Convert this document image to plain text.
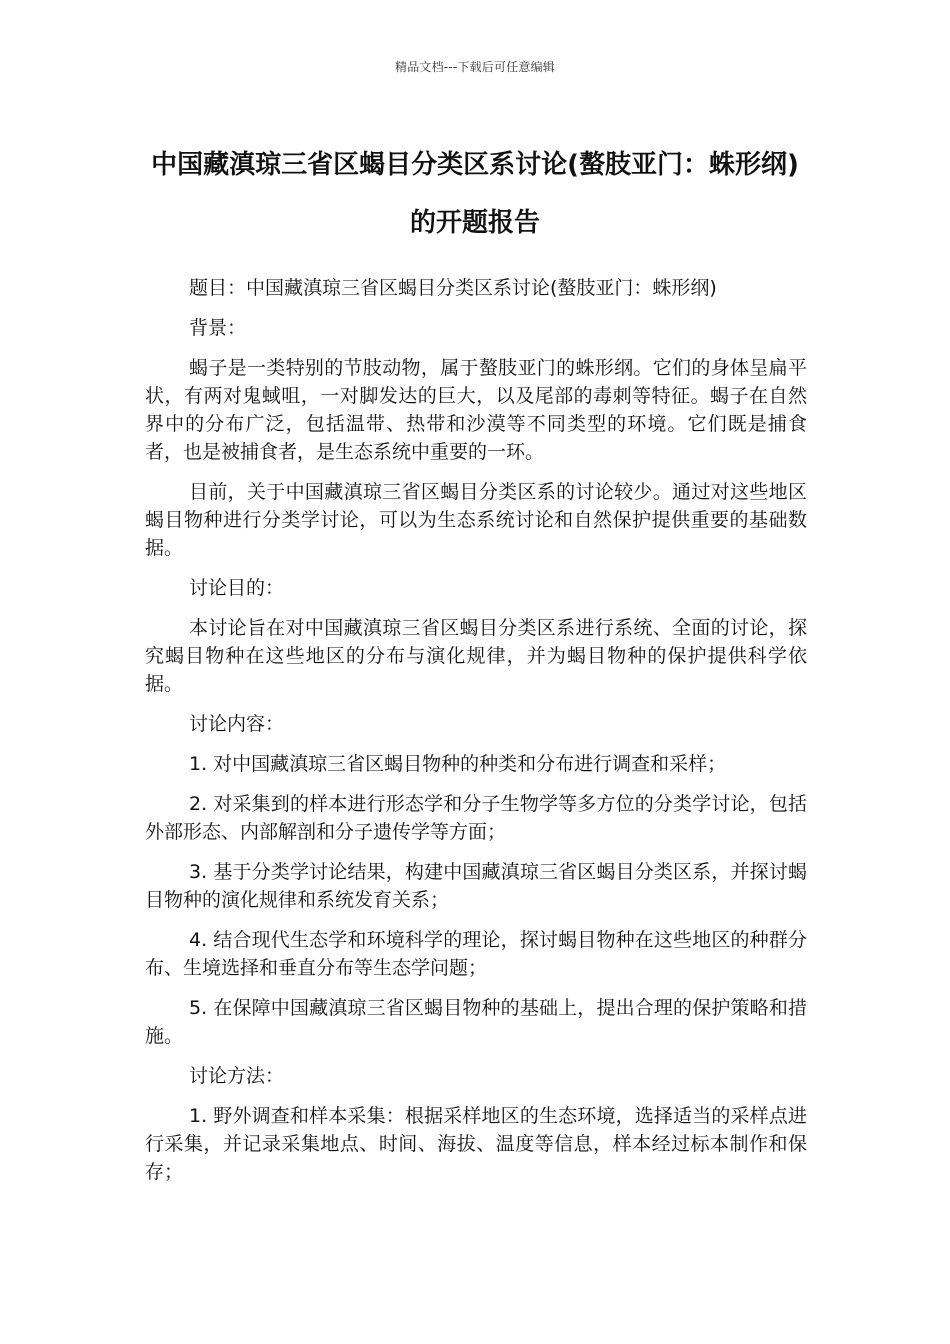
精品文档---下载后可任意编辑
中国藏滇琼三省区蝎目分类区系讨论(螯肢亚门：蛛形纲)的开题报告

题目：中国藏滇琼三省区蝎目分类区系讨论(螯肢亚门：蛛形纲)

背景：

蝎子是一类特别的节肢动物，属于螯肢亚门的蛛形纲。它们的身体呈扁平状，有两对鬼蜮咀，一对脚发达的巨大，以及尾部的毒刺等特征。蝎子在自然界中的分布广泛，包括温带、热带和沙漠等不同类型的环境。它们既是捕食者，也是被捕食者，是生态系统中重要的一环。

目前，关于中国藏滇琼三省区蝎目分类区系的讨论较少。通过对这些地区蝎目物种进行分类学讨论，可以为生态系统讨论和自然保护提供重要的基础数据。

讨论目的：

本讨论旨在对中国藏滇琼三省区蝎目分类区系进行系统、全面的讨论，探究蝎目物种在这些地区的分布与演化规律，并为蝎目物种的保护提供科学依据。

讨论内容：

1. 对中国藏滇琼三省区蝎目物种的种类和分布进行调查和采样；

2. 对采集到的样本进行形态学和分子生物学等多方位的分类学讨论，包括外部形态、内部解剖和分子遗传学等方面；

3. 基于分类学讨论结果，构建中国藏滇琼三省区蝎目分类区系，并探讨蝎目物种的演化规律和系统发育关系；

4. 结合现代生态学和环境科学的理论，探讨蝎目物种在这些地区的种群分布、生境选择和垂直分布等生态学问题；

5. 在保障中国藏滇琼三省区蝎目物种的基础上，提出合理的保护策略和措施。

讨论方法：

1. 野外调查和样本采集：根据采样地区的生态环境，选择适当的采样点进行采集，并记录采集地点、时间、海拔、温度等信息，样本经过标本制作和保存；
